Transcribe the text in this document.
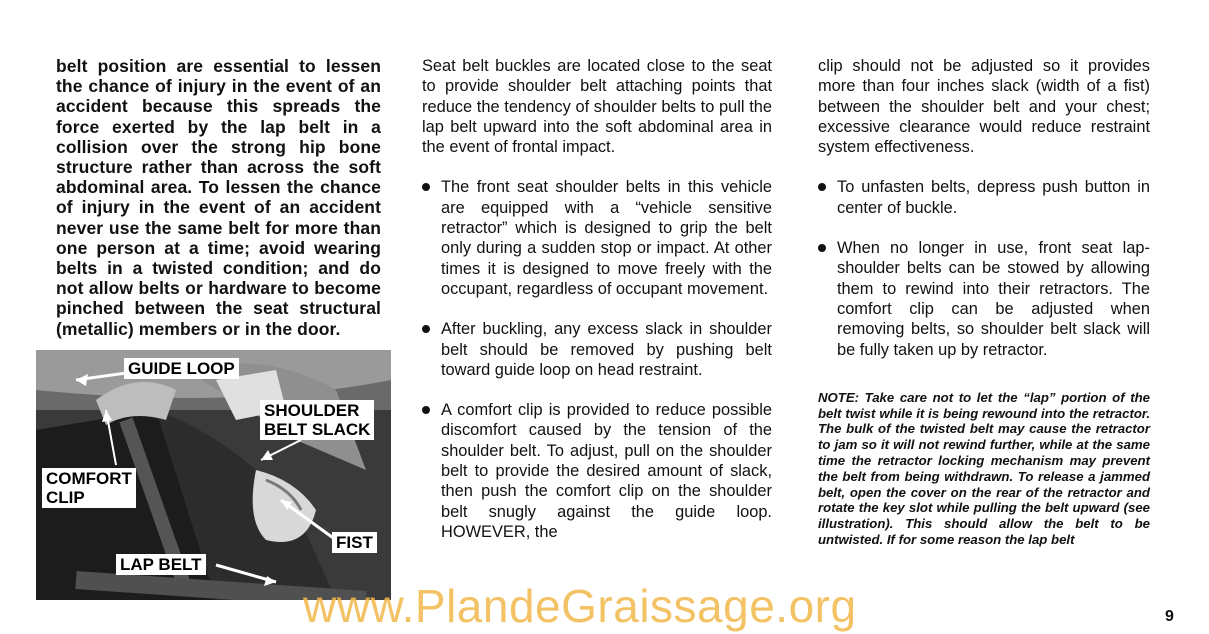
belt position are essential to lessen the chance of injury in the event of an accident because this spreads the force exerted by the lap belt in a collision over the strong hip bone structure rather than across the soft abdominal area. To lessen the chance of injury in the event of an accident never use the same belt for more than one person at a time; avoid wearing belts in a twisted condition; and do not allow belts or hardware to become pinched between the seat structural (metallic) members or in the door.

GUIDE LOOP
SHOULDER
BELT SLACK
COMFORT
CLIP
FIST
LAP BELT

Seat belt buckles are located close to the seat to provide shoulder belt attaching points that reduce the tendency of shoulder belts to pull the lap belt upward into the soft abdominal area in the event of frontal impact.

The front seat shoulder belts in this vehicle are equipped with a “vehicle sensitive retractor” which is designed to grip the belt only during a sudden stop or impact. At other times it is designed to move freely with the occupant, regardless of occupant movement.

After buckling, any excess slack in shoulder belt should be removed by pushing belt toward guide loop on head restraint.

A comfort clip is provided to reduce possible discomfort caused by the tension of the shoulder belt. To adjust, pull on the shoulder belt to provide the desired amount of slack, then push the comfort clip on the shoulder belt snugly against the guide loop. HOWEVER, the

clip should not be adjusted so it provides more than four inches slack (width of a fist) between the shoulder belt and your chest; excessive clearance would reduce restraint system effectiveness.

To unfasten belts, depress push button in center of buckle.

When no longer in use, front seat lap-shoulder belts can be stowed by allowing them to rewind into their retractors. The comfort clip can be adjusted when removing belts, so shoulder belt slack will be fully taken up by retractor.

NOTE: Take care not to let the “lap” portion of the belt twist while it is being rewound into the retractor. The bulk of the twisted belt may cause the retractor to jam so it will not rewind further, while at the same time the retractor locking mechanism may prevent the belt from being withdrawn. To release a jammed belt, open the cover on the rear of the retractor and rotate the key slot while pulling the belt upward (see illustration). This should allow the belt to be untwisted. If for some reason the lap belt

www.PlandeGraissage.org	9
